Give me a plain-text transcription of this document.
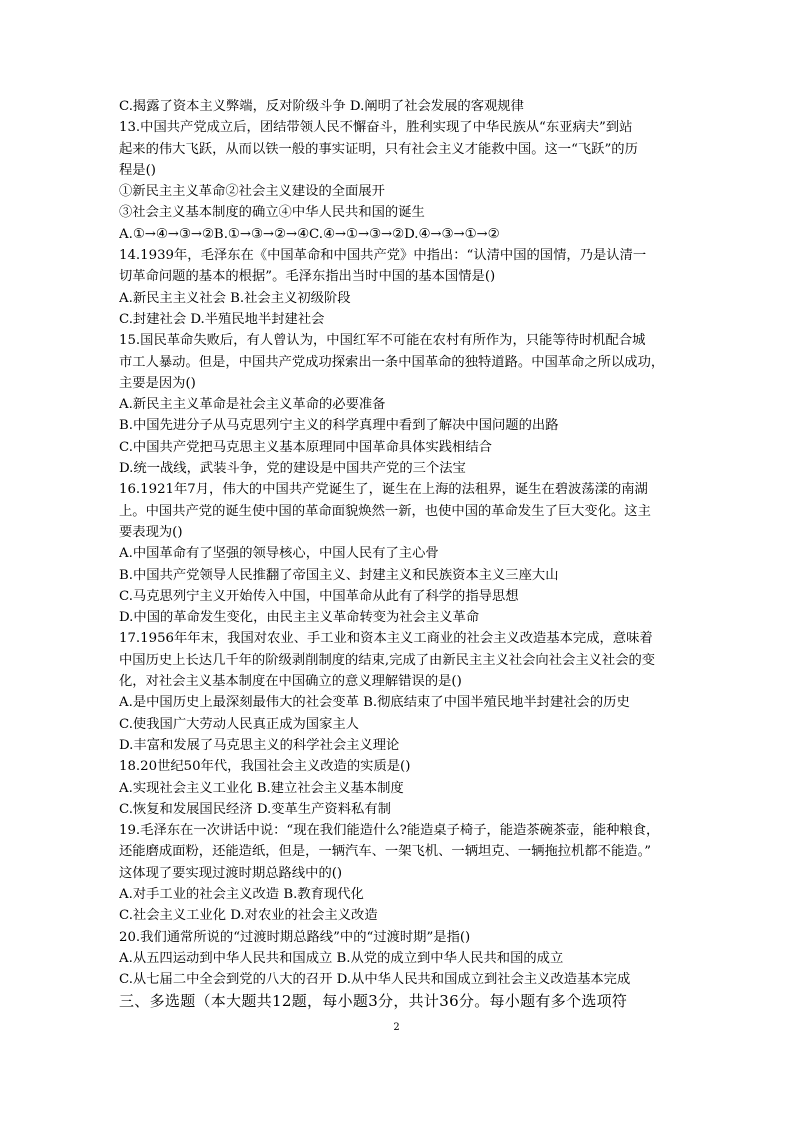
C.揭露了资本主义弊端，反对阶级斗争 D.阐明了社会发展的客观规律
13.中国共产党成立后，团结带领人民不懈奋斗，胜利实现了中华民族从“东亚病夫”到站
起来的伟大飞跃，从而以铁一般的事实证明，只有社会主义才能救中国。这一“飞跃”的历
程是()
①新民主主义革命②社会主义建设的全面展开
③社会主义基本制度的确立④中华人民共和国的诞生
A.①→④→③→②B.①→③→②→④C.④→①→③→②D.④→③→①→②
14.1939年，毛泽东在《中国革命和中国共产党》中指出：“认清中国的国情，乃是认清一
切革命问题的基本的根据”。毛泽东指出当时中国的基本国情是()
A.新民主主义社会 B.社会主义初级阶段
C.封建社会 D.半殖民地半封建社会
15.国民革命失败后，有人曾认为，中国红军不可能在农村有所作为，只能等待时机配合城
市工人暴动。但是，中国共产党成功探索出一条中国革命的独特道路。中国革命之所以成功，
主要是因为()
A.新民主主义革命是社会主义革命的必要准备
B.中国先进分子从马克思列宁主义的科学真理中看到了解决中国问题的出路
C.中国共产党把马克思主义基本原理同中国革命具体实践相结合
D.统一战线，武装斗争，党的建设是中国共产党的三个法宝
16.1921年7月，伟大的中国共产党诞生了，诞生在上海的法租界，诞生在碧波荡漾的南湖
上。中国共产党的诞生使中国的革命面貌焕然一新，也使中国的革命发生了巨大变化。这主
要表现为()
A.中国革命有了坚强的领导核心，中国人民有了主心骨
B.中国共产党领导人民推翻了帝国主义、封建主义和民族资本主义三座大山
C.马克思列宁主义开始传入中国，中国革命从此有了科学的指导思想
D.中国的革命发生变化，由民主主义革命转变为社会主义革命
17.1956年年末，我国对农业、手工业和资本主义工商业的社会主义改造基本完成，意味着
中国历史上长达几千年的阶级剥削制度的结束,完成了由新民主主义社会向社会主义社会的变
化，对社会主义基本制度在中国确立的意义理解错误的是()
A.是中国历史上最深刻最伟大的社会变革 B.彻底结束了中国半殖民地半封建社会的历史
C.使我国广大劳动人民真正成为国家主人
D.丰富和发展了马克思主义的科学社会主义理论
18.20世纪50年代，我国社会主义改造的实质是()
A.实现社会主义工业化 B.建立社会主义基本制度
C.恢复和发展国民经济 D.变革生产资料私有制
19.毛泽东在一次讲话中说：“现在我们能造什么?能造桌子椅子，能造茶碗茶壶，能种粮食，
还能磨成面粉，还能造纸，但是，一辆汽车、一架飞机、一辆坦克、一辆拖拉机都不能造。”
这体现了要实现过渡时期总路线中的()
A.对手工业的社会主义改造 B.教育现代化
C.社会主义工业化 D.对农业的社会主义改造
20.我们通常所说的“过渡时期总路线”中的“过渡时期”是指()
A.从五四运动到中华人民共和国成立 B.从党的成立到中华人民共和国的成立
C.从七届二中全会到党的八大的召开 D.从中华人民共和国成立到社会主义改造基本完成
三、多选题（本大题共12题，每小题3分，共计36分。每小题有多个选项符
2
